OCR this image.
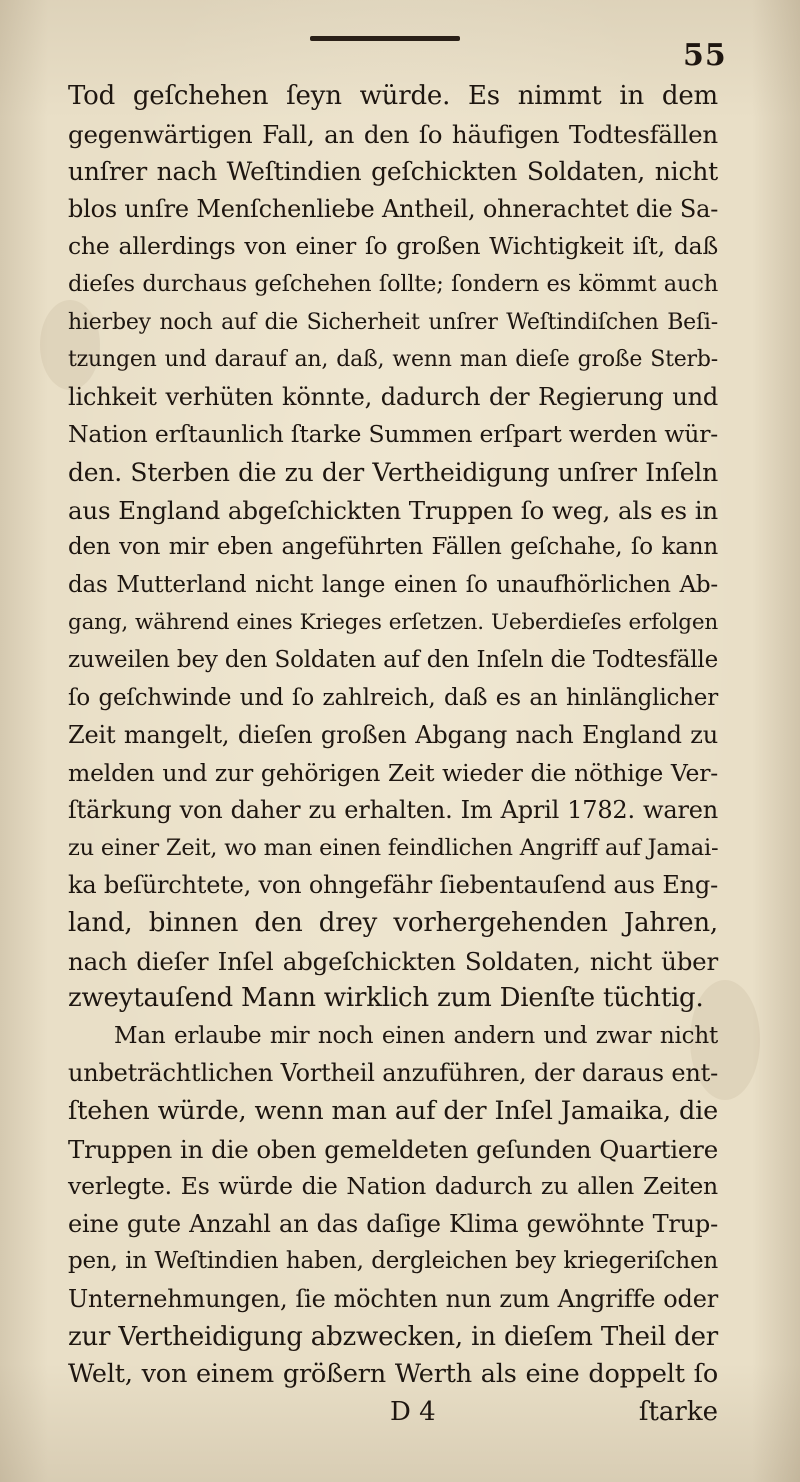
55
Tod geſchehen ſeyn würde. Es nimmt in dem
gegenwärtigen Fall, an den ſo häufigen Todtesfällen
unſrer nach Weſtindien geſchickten Soldaten, nicht
blos unſre Menſchenliebe Antheil, ohnerachtet die Sa-
che allerdings von einer ſo großen Wichtigkeit iſt, daß
dieſes durchaus geſchehen ſollte; ſondern es kömmt auch
hierbey noch auf die Sicherheit unſrer Weſtindiſchen Beſi-
tzungen und darauf an, daß, wenn man dieſe große Sterb-
lichkeit verhüten könnte, dadurch der Regierung und
Nation erſtaunlich ſtarke Summen erſpart werden wür-
den. Sterben die zu der Vertheidigung unſrer Inſeln
aus England abgeſchickten Truppen ſo weg, als es in
den von mir eben angeführten Fällen geſchahe, ſo kann
das Mutterland nicht lange einen ſo unaufhörlichen Ab-
gang, während eines Krieges erſetzen. Ueberdieſes erfolgen
zuweilen bey den Soldaten auf den Inſeln die Todtesfälle
ſo geſchwinde und ſo zahlreich, daß es an hinlänglicher
Zeit mangelt, dieſen großen Abgang nach England zu
melden und zur gehörigen Zeit wieder die nöthige Ver-
ſtärkung von daher zu erhalten. Im April 1782. waren
zu einer Zeit, wo man einen feindlichen Angriff auf Jamai-
ka beſürchtete, von ohngefähr ſiebentauſend aus Eng-
land, binnen den drey vorhergehenden Jahren,
nach dieſer Inſel abgeſchickten Soldaten, nicht über
zweytauſend Mann wirklich zum Dienſte tüchtig.
Man erlaube mir noch einen andern und zwar nicht
unbeträchtlichen Vortheil anzuführen, der daraus ent-
ſtehen würde, wenn man auf der Inſel Jamaika, die
Truppen in die oben gemeldeten geſunden Quartiere
verlegte. Es würde die Nation dadurch zu allen Zeiten
eine gute Anzahl an das daſige Klima gewöhnte Trup-
pen, in Weſtindien haben, dergleichen bey kriegeriſchen
Unternehmungen, ſie möchten nun zum Angriffe oder
zur Vertheidigung abzwecken, in dieſem Theil der
Welt, von einem größern Werth als eine doppelt ſo
D 4	ſtarke
